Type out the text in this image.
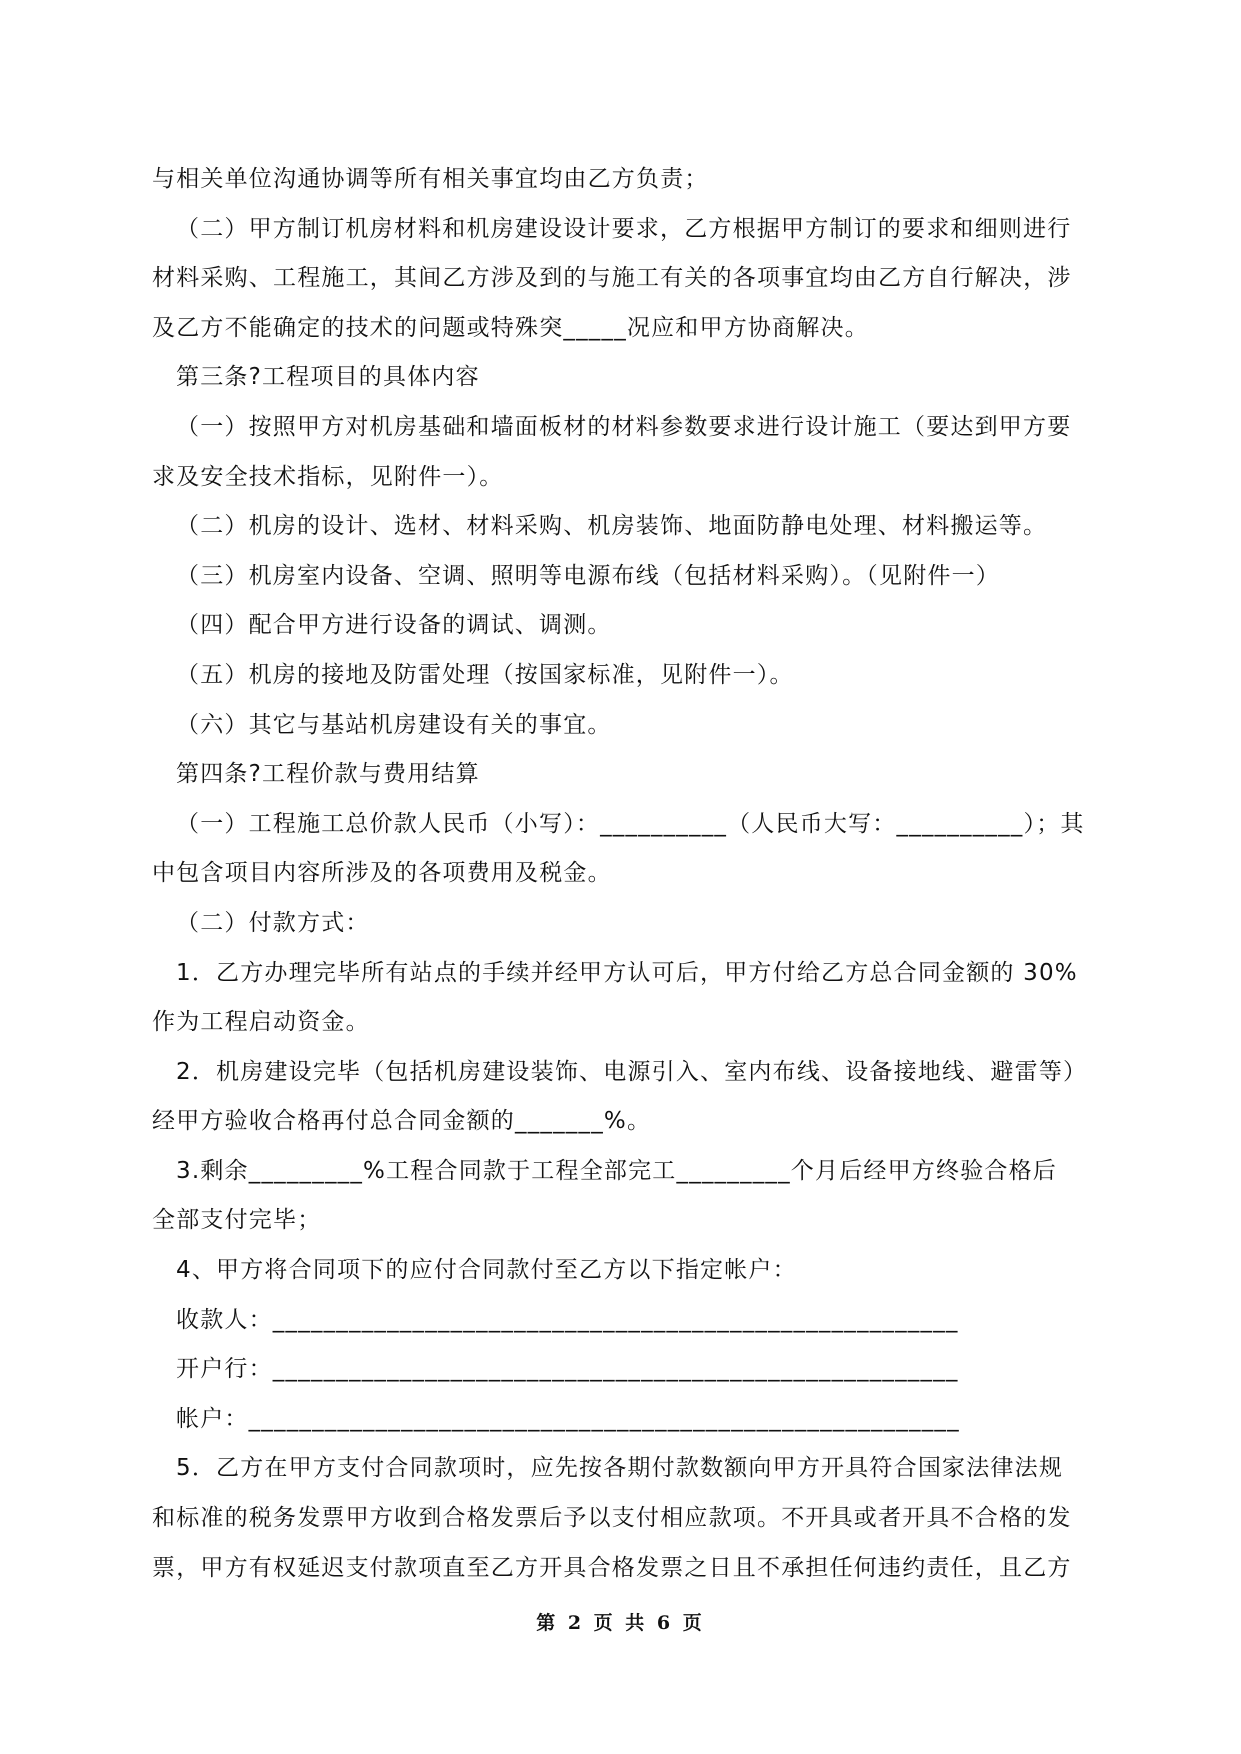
与相关单位沟通协调等所有相关事宜均由乙方负责；
（二）甲方制订机房材料和机房建设设计要求，乙方根据甲方制订的要求和细则进行
材料采购、工程施工，其间乙方涉及到的与施工有关的各项事宜均由乙方自行解决，涉
及乙方不能确定的技术的问题或特殊突_____况应和甲方协商解决。
第三条?工程项目的具体内容
（一）按照甲方对机房基础和墙面板材的材料参数要求进行设计施工（要达到甲方要
求及安全技术指标，见附件一）。
（二）机房的设计、选材、材料采购、机房装饰、地面防静电处理、材料搬运等。
（三）机房室内设备、空调、照明等电源布线（包括材料采购）。（见附件一）
（四）配合甲方进行设备的调试、调测。
（五）机房的接地及防雷处理（按国家标准，见附件一）。
（六）其它与基站机房建设有关的事宜。
第四条?工程价款与费用结算
（一）工程施工总价款人民币（小写）：__________（人民币大写：__________）；其
中包含项目内容所涉及的各项费用及税金。
（二）付款方式：
1．乙方办理完毕所有站点的手续并经甲方认可后，甲方付给乙方总合同金额的 30%
作为工程启动资金。
2．机房建设完毕（包括机房建设装饰、电源引入、室内布线、设备接地线、避雷等）
经甲方验收合格再付总合同金额的_______%。
3.剩余_________%工程合同款于工程全部完工_________个月后经甲方终验合格后
全部支付完毕；
4、甲方将合同项下的应付合同款付至乙方以下指定帐户：
收款人：______________________________________________________
开户行：______________________________________________________
帐户：________________________________________________________
5．乙方在甲方支付合同款项时，应先按各期付款数额向甲方开具符合国家法律法规
和标准的税务发票甲方收到合格发票后予以支付相应款项。不开具或者开具不合格的发
票，甲方有权延迟支付款项直至乙方开具合格发票之日且不承担任何违约责任，且乙方
第 2 页 共 6 页
